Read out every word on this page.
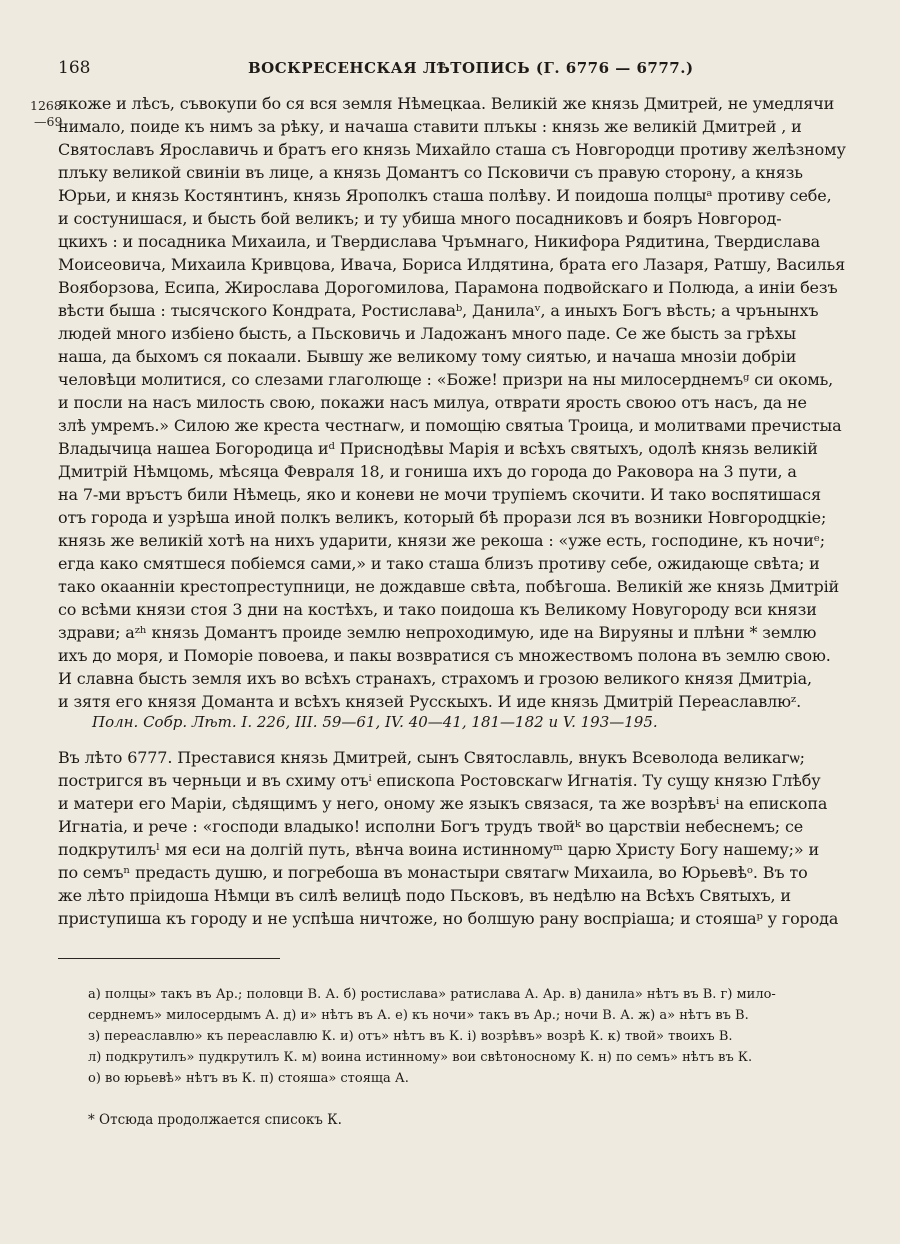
168	ВОСКРЕСЕНСКАЯ ЛѢТОПИСЬ (Г. 6776 — 6777.)
1268
—69
якоже и лѣсъ, съвокупи бо ся вся земля Нѣмецкаа. Великій же князь Дмитрей, не умедлячи
нимало, поиде къ нимъ за рѣку, и начаша ставити плъкы : князь же великій Дмитрей , и
Святославъ Ярославичь и братъ его князь Михайло сташа съ Новгородци противу желѣзному
плъку великой свиніи въ лице, а князь Домантъ со Псковичи съ правую сторону, а князь
Юрьи, и князь Костянтинъ, князь Ярополкъ сташа полѣву. И поидоша полцыᵃ противу себе,
и состунишася, и бысть бой великъ; и ту убиша много посадниковъ и бояръ Новгород-
цкихъ : и посадника Михаила, и Твердислава Чръмнаго, Никифора Рядитина, Твердислава
Моисеовича, Михаила Кривцова, Ивача, Бориса Илдятина, брата его Лазаря, Ратшу, Василья
Вояборзова, Есипа, Жирослава Дорогомилова, Парамона подвойскаго и Полюда, а иніи безъ
вѣсти быша : тысячского Кондрата, Ростиславаᵇ, Данилаᵛ, а иныхъ Богъ вѣсть; а чрънынхъ
людей много избіено бысть, а Пьсковичь и Ладожанъ много паде. Се же бысть за грѣхы
наша, да быхомъ ся покаали. Бывшу же великому тому сиятью, и начаша мнозіи добріи
человѣци молитися, со слезами глаголюще : «Боже! призри на ны милосерднемъᵍ си окомь,
и посли на насъ милость свою, покажи насъ милуа, отврати ярость своюо отъ насъ, да не
злѣ умремъ.» Силою же креста честнагѡ, и помощію святыа Троица, и молитвами пречистыа
Владычица нашеа Богородица иᵈ Приснодѣвы Марія и всѣхъ святыхъ, одолѣ князь великій
Дмитрій Нѣмцомь, мѣсяца Февраля 18, и гониша ихъ до города до Раковора на 3 пути, а
на 7-ми връстъ били Нѣмець, яко и коневи не мочи трупіемъ скочити. И тако воспятишася
отъ города и узрѣша иной полкъ великъ, который бѣ прорази лся въ возники Новгородцкіе;
князь же великій хотѣ на нихъ ударити, князи же рекоша : «уже есть, господине, къ ночиᵉ;
егда како смятшеся побіемся сами,» и тако сташа близъ противу себе, ожидающе свѣта; и
тако окаанніи крестопреступници, не дождавше свѣта, побѣгоша. Великій же князь Дмитрій
со всѣми князи стоя 3 дни на костѣхъ, и тако поидоша къ Великому Новугороду вси князи
здрави; аᶻʰ князь Домантъ проиде землю непроходимую, иде на Вируяны и плѣни * землю
ихъ до моря, и Поморіе повоева, и пакы возвратися съ множествомъ полона въ землю свою.
И славна бысть земля ихъ во всѣхъ странахъ, страхомъ и грозою великого князя Дмитріа,
и зятя его князя Доманта и всѣхъ князей Русскыхъ. И иде князь Дмитрій Переаславлюᶻ.
Полн. Собр. Лѣт. I. 226, III. 59—61, IV. 40—41, 181—182 и V. 193—195.
Въ лѣто 6777. Преставися князь Дмитрей, сынъ Святославль, внукъ Всеволода великагѡ;
постригся въ черньци и въ схиму отъⁱ епископа Ростовскагѡ Игнатія. Ту сущу князю Глѣбу
и матери его Маріи, сѣдящимъ у него, оному же языкъ связася, та же возрѣвъⁱ на епископа
Игнатіа, и рече : «господи владыко! исполни Богъ трудъ твойᵏ во царствіи небеснемъ; се
подкрутилъˡ мя еси на долгій путь, вѣнча воина истинномуᵐ царю Христу Богу нашему;» и
по семъⁿ предасть душю, и погребоша въ монастыри святагѡ Михаила, во Юрьевѣᵒ. Въ то
же лѣто пріидоша Нѣмци въ силѣ велицѣ подо Пьсковъ, въ недѣлю на Всѣхъ Святыхъ, и
приступиша къ городу и не успѣша ничтоже, но болшую рану воспріаша; и стояшаᵖ у города
а) полцы» такъ въ Ар.; половци В. А. б) ростислава» ратислава А. Ар. в) данила» нѣтъ въ В. г) мило-
серднемъ» милосердымъ А. д) и» нѣтъ въ А. е) къ ночи» такъ въ Ар.; ночи В. А. ж) а» нѣтъ въ В.
з) переаславлю» къ переаславлю К. и) отъ» нѣтъ въ К. і) возрѣвъ» возрѣ К. к) твой» твоихъ В.
л) подкрутилъ» пудкрутилъ К. м) воина истинному» вои свѣтоносному К. н) по семъ» нѣтъ въ К.
о) во юрьевѣ» нѣтъ въ К. п) стояша» стояща А.
* Отсюда продолжается списокъ К.
